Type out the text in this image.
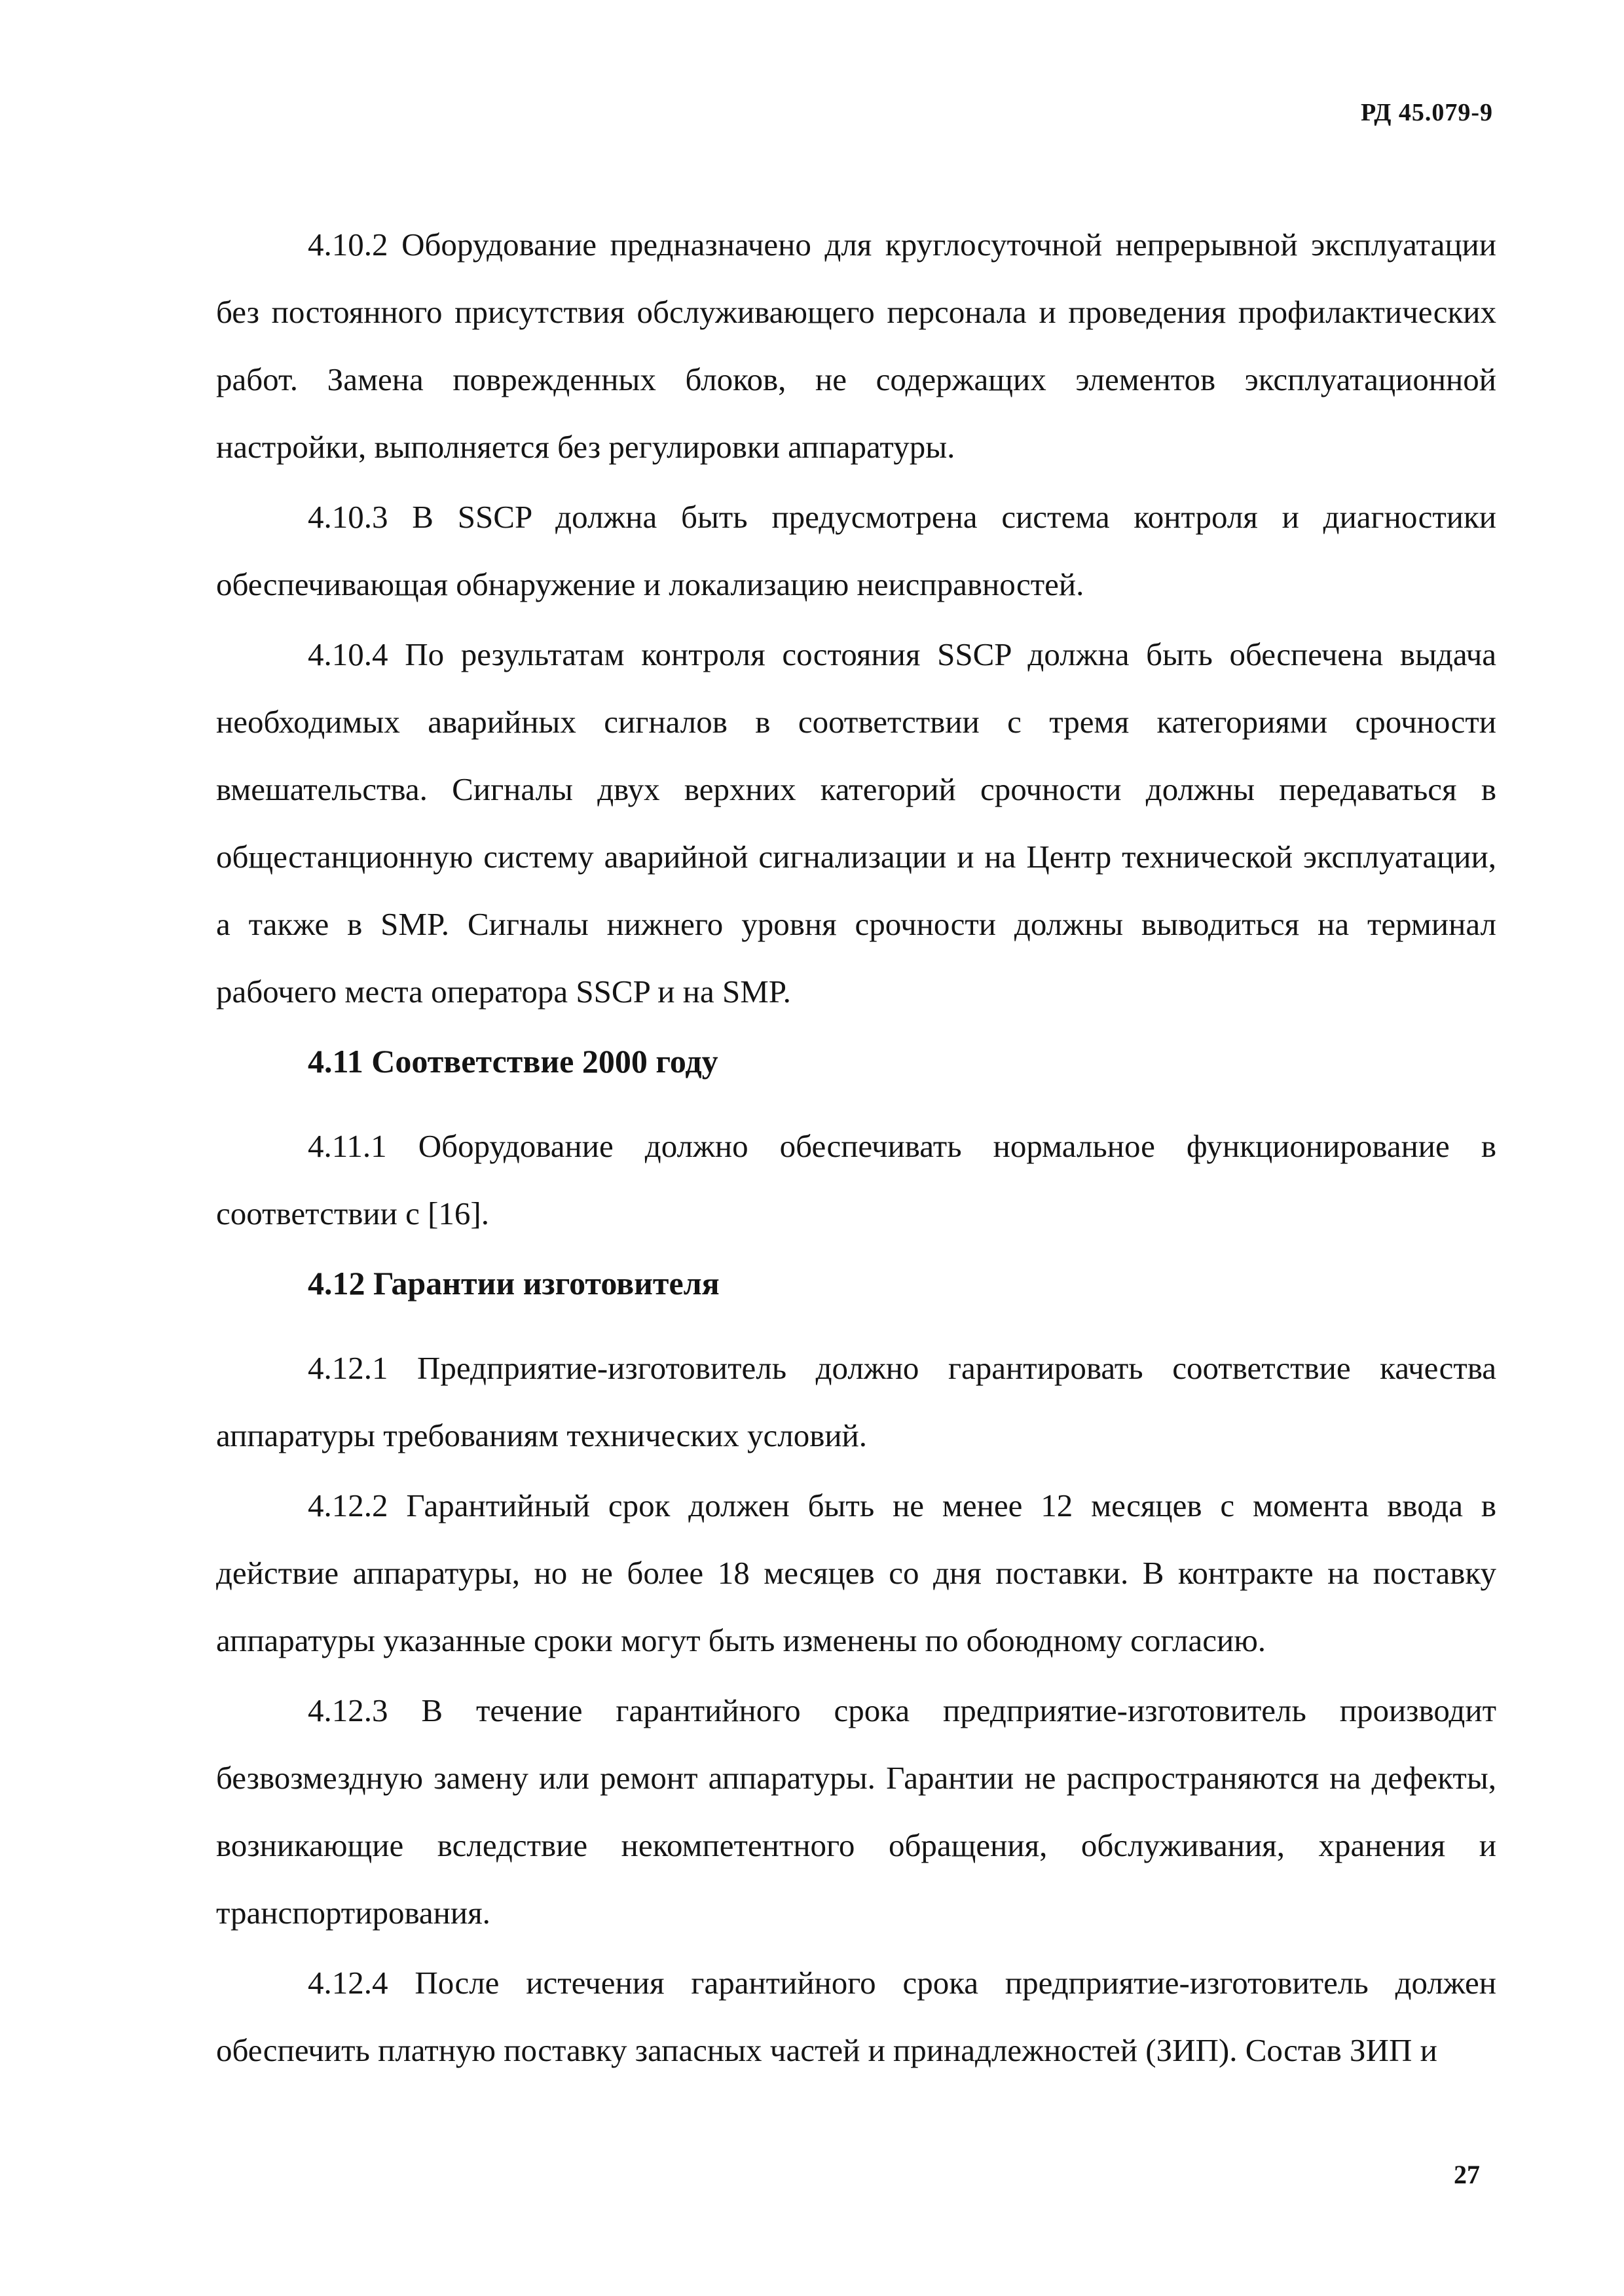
РД 45.079-9

4.10.2 Оборудование предназначено для круглосуточной непрерывной эксплуатации без постоянного присутствия обслуживающего персонала и проведения профилактических работ. Замена поврежденных блоков, не содержащих элементов эксплуатационной настройки, выполняется без регулировки аппаратуры.

4.10.3 В SSCP должна быть предусмотрена система контроля и диагностики обеспечивающая обнаружение и локализацию неисправностей.

4.10.4 По результатам контроля состояния SSCP должна быть обеспечена выдача необходимых аварийных сигналов в соответствии с тремя категориями срочности вмешательства. Сигналы двух верхних категорий срочности должны передаваться в общестанционную систему аварийной сигнализации и на Центр технической эксплуатации, а также в SMP. Сигналы нижнего уровня срочности должны выводиться на терминал рабочего места оператора SSCP и на SMP.

4.11 Соответствие 2000 году

4.11.1 Оборудование должно обеспечивать нормальное функционирование в соответствии с [16].

4.12 Гарантии изготовителя

4.12.1 Предприятие-изготовитель должно гарантировать соответствие качества аппаратуры требованиям технических условий.

4.12.2 Гарантийный срок должен быть не менее 12 месяцев с момента ввода в действие аппаратуры, но не более 18 месяцев со дня поставки. В контракте на поставку аппаратуры указанные сроки могут быть изменены по обоюдному согласию.

4.12.3 В течение гарантийного срока предприятие-изготовитель производит безвозмездную замену или ремонт аппаратуры. Гарантии не распространяются на дефекты, возникающие вследствие некомпетентного обращения, обслуживания, хранения и транспортирования.

4.12.4 После истечения гарантийного срока предприятие-изготовитель должен обеспечить платную поставку запасных частей и принадлежностей (ЗИП). Состав ЗИП и

27
